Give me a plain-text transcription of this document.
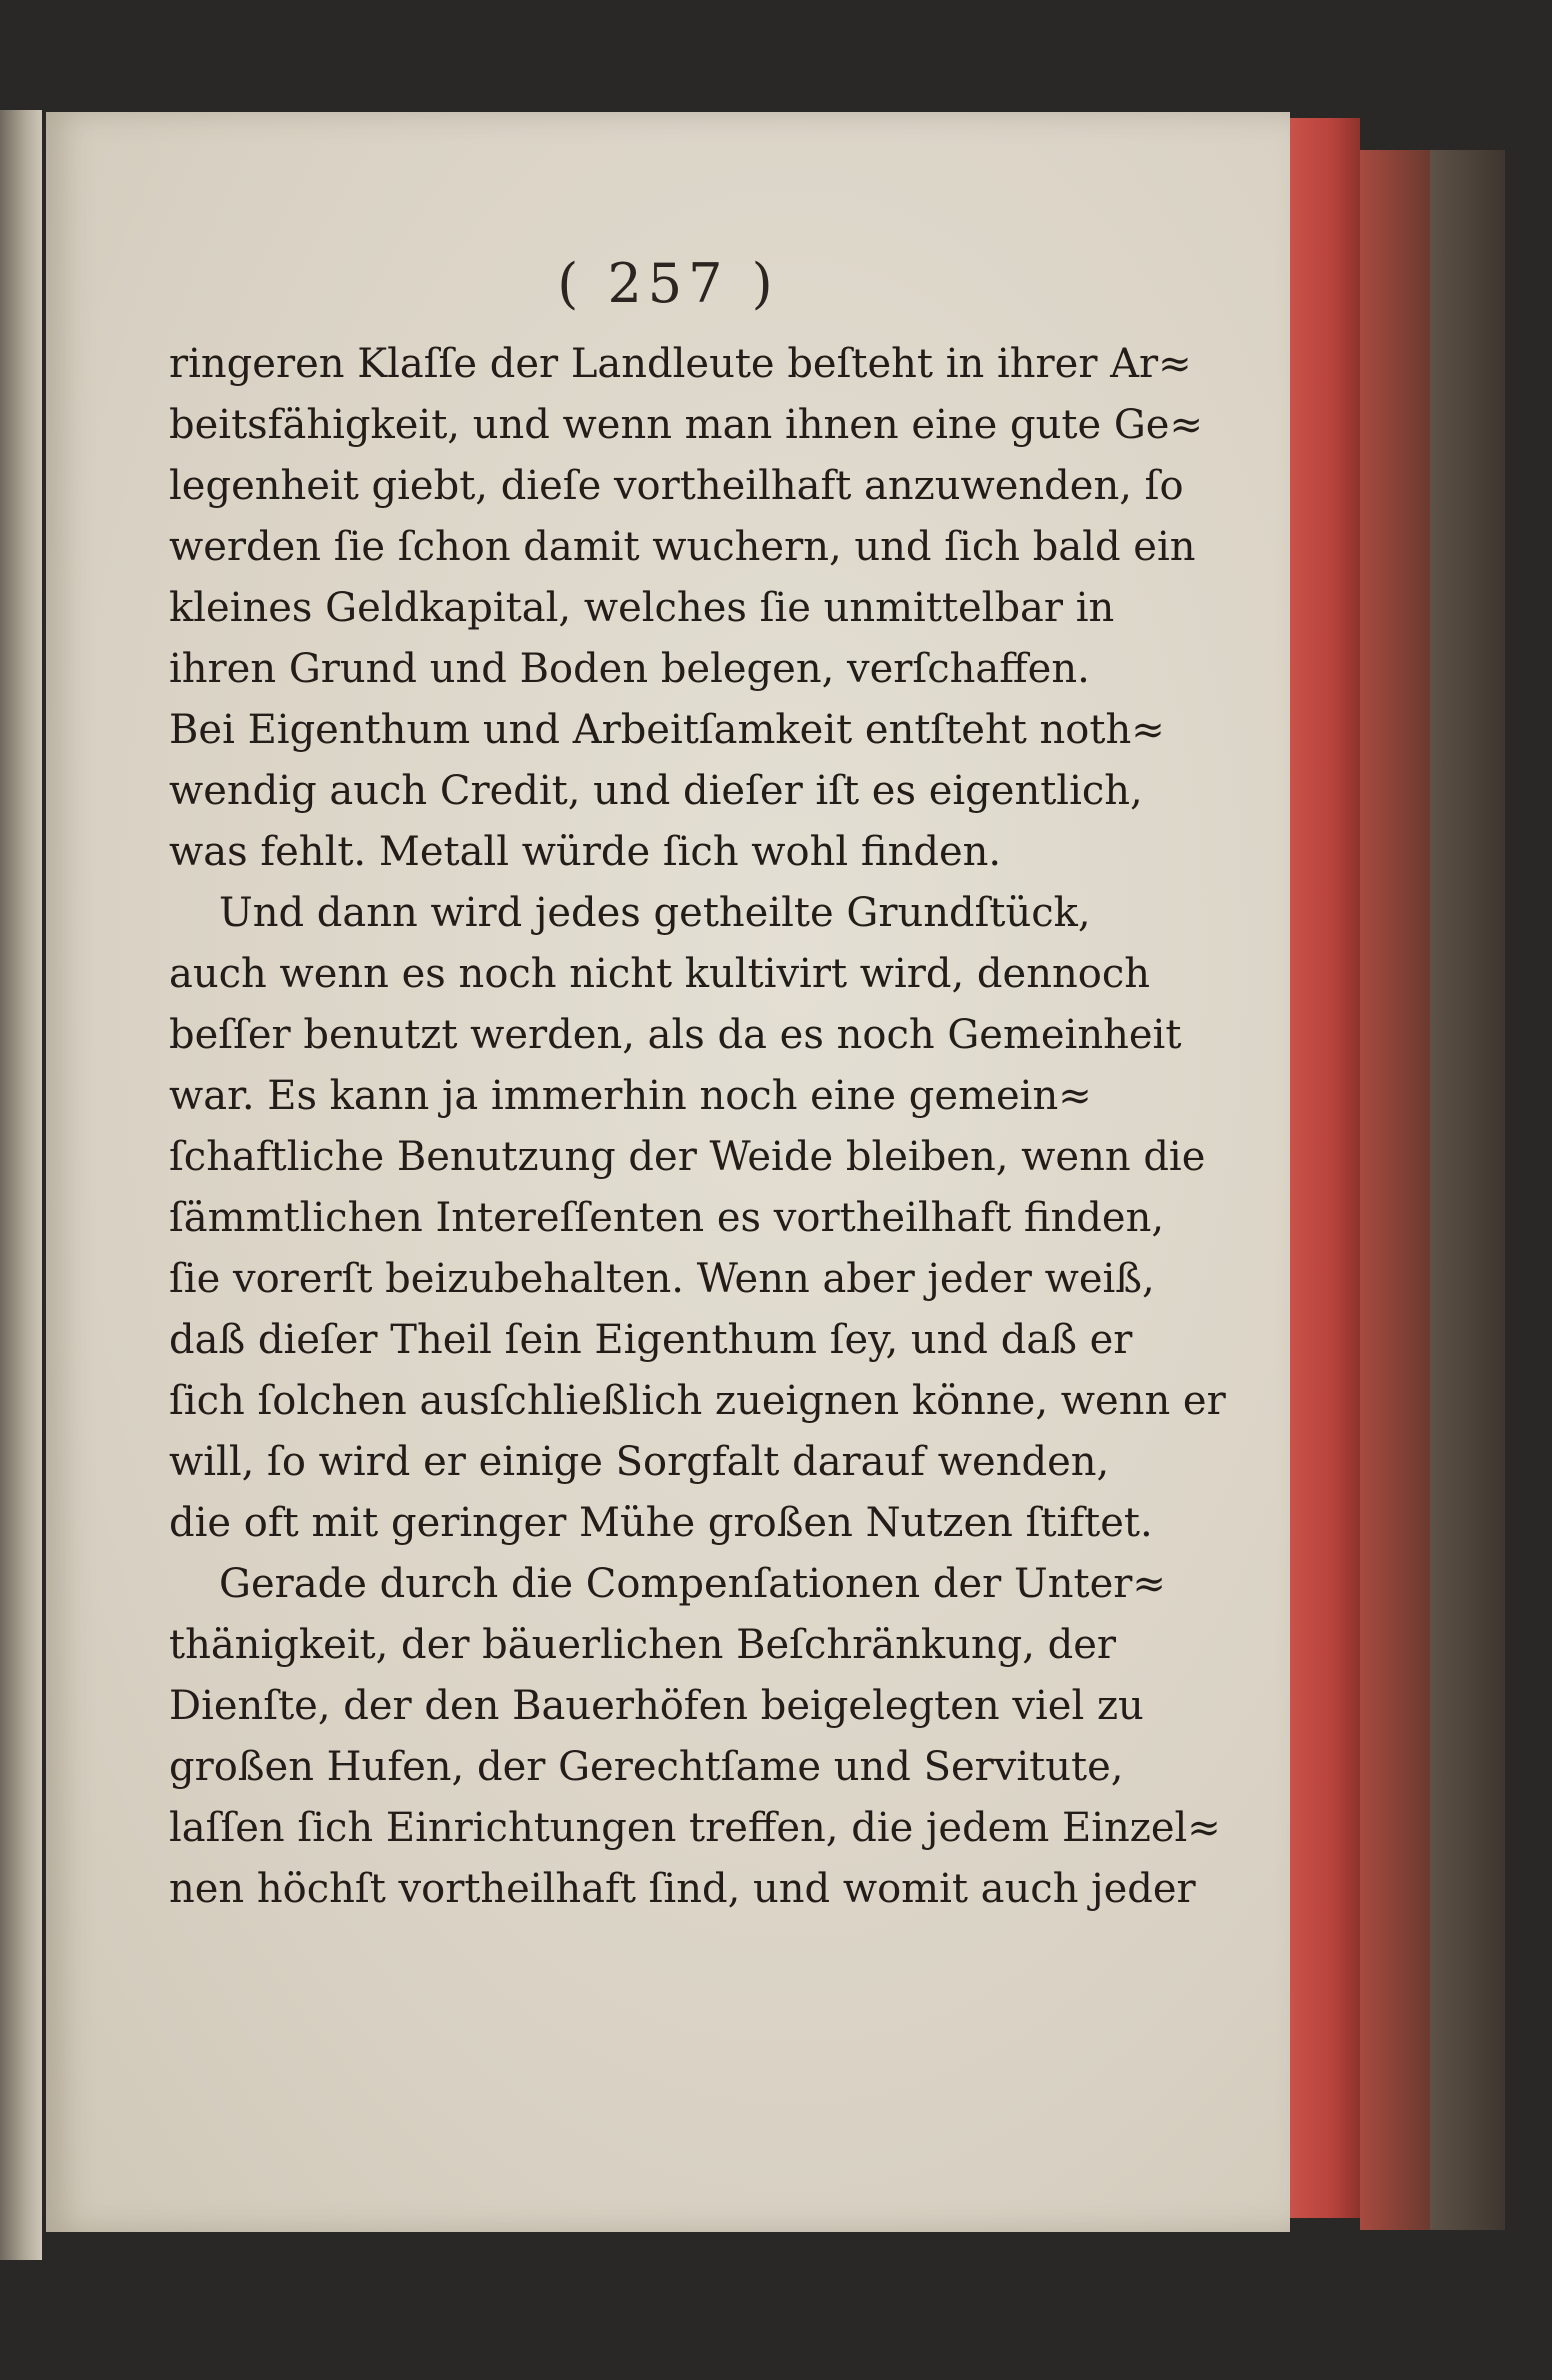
( 257 )
ringeren Klaſſe der Landleute beſteht in ihrer Ar≈
beitsfähigkeit, und wenn man ihnen eine gute Ge≈
legenheit giebt, dieſe vortheilhaft anzuwenden, ſo
werden ſie ſchon damit wuchern, und ſich bald ein
kleines Geldkapital, welches ſie unmittelbar in
ihren Grund und Boden belegen, verſchaffen.
Bei Eigenthum und Arbeitſamkeit entſteht noth≈
wendig auch Credit, und dieſer iſt es eigentlich,
was fehlt. Metall würde ſich wohl finden.
Und dann wird jedes getheilte Grundſtück,
auch wenn es noch nicht kultivirt wird, dennoch
beſſer benutzt werden, als da es noch Gemeinheit
war. Es kann ja immerhin noch eine gemein≈
ſchaftliche Benutzung der Weide bleiben, wenn die
ſämmtlichen Intereſſenten es vortheilhaft finden,
ſie vorerſt beizubehalten. Wenn aber jeder weiß,
daß dieſer Theil ſein Eigenthum ſey, und daß er
ſich ſolchen ausſchließlich zueignen könne, wenn er
will, ſo wird er einige Sorgfalt darauf wenden,
die oft mit geringer Mühe großen Nutzen ſtiftet.
Gerade durch die Compenſationen der Unter≈
thänigkeit, der bäuerlichen Beſchränkung, der
Dienſte, der den Bauerhöfen beigelegten viel zu
großen Hufen, der Gerechtſame und Servitute,
laſſen ſich Einrichtungen treffen, die jedem Einzel≈
nen höchſt vortheilhaft ſind, und womit auch jeder
